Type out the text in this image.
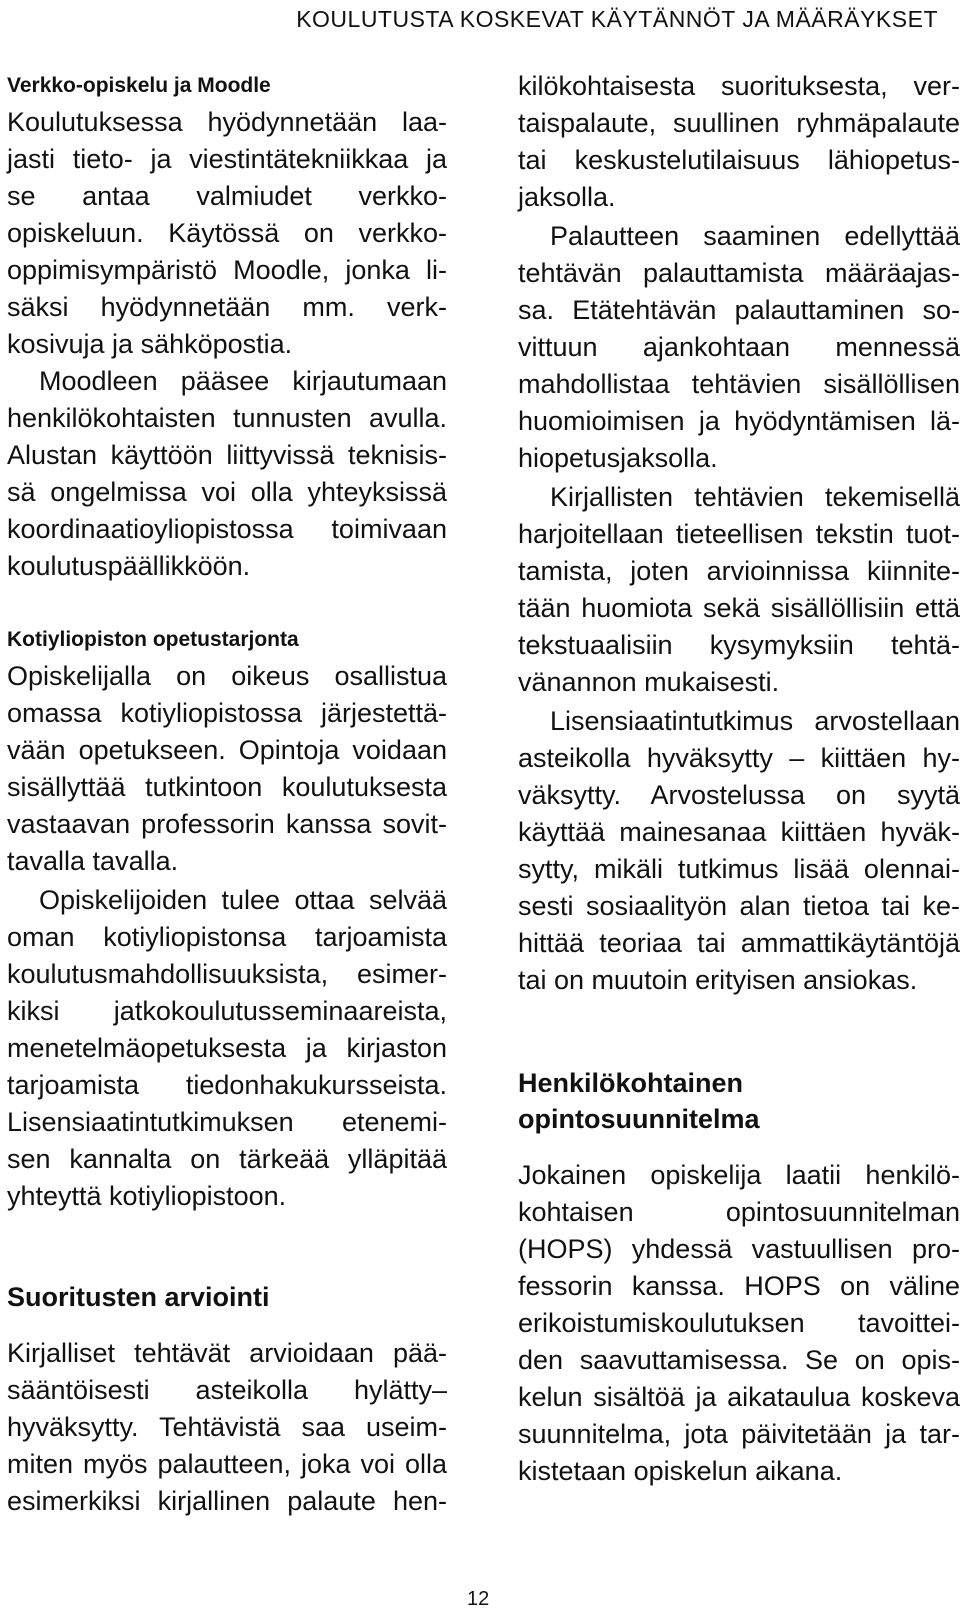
KOULUTUSTA KOSKEVAT KÄYTÄNNÖT JA MÄÄRÄYKSET
Verkko-opiskelu ja Moodle
Koulutuksessa hyödynnetään laa-
jasti tieto- ja viestintätekniikkaa ja
se antaa valmiudet verkko-
opiskeluun. Käytössä on verkko-
oppimisympäristö Moodle, jonka li-
säksi hyödynnetään mm. verk-
kosivuja ja sähköpostia.
Moodleen pääsee kirjautumaan
henkilökohtaisten tunnusten avulla.
Alustan käyttöön liittyvissä teknisis-
sä ongelmissa voi olla yhteyksissä
koordinaatioyliopistossa toimivaan
koulutuspäällikköön.
Kotiyliopiston opetustarjonta
Opiskelijalla on oikeus osallistua
omassa kotiyliopistossa järjestettä-
vään opetukseen. Opintoja voidaan
sisällyttää tutkintoon koulutuksesta
vastaavan professorin kanssa sovit-
tavalla tavalla.
Opiskelijoiden tulee ottaa selvää
oman kotiyliopistonsa tarjoamista
koulutusmahdollisuuksista, esimer-
kiksi jatkokoulutusseminaareista,
menetelmäopetuksesta ja kirjaston
tarjoamista tiedonhakukursseista.
Lisensiaatintutkimuksen etenemi-
sen kannalta on tärkeää ylläpitää
yhteyttä kotiyliopistoon.
Suoritusten arviointi
Kirjalliset tehtävät arvioidaan pää-
sääntöisesti asteikolla hylätty–
hyväksytty. Tehtävistä saa useim-
miten myös palautteen, joka voi olla
esimerkiksi kirjallinen palaute hen-
kilökohtaisesta suorituksesta, ver-
taispalaute, suullinen ryhmäpalaute
tai keskustelutilaisuus lähiopetus-
jaksolla.
Palautteen saaminen edellyttää
tehtävän palauttamista määräajas-
sa. Etätehtävän palauttaminen so-
vittuun ajankohtaan mennessä
mahdollistaa tehtävien sisällöllisen
huomioimisen ja hyödyntämisen lä-
hiopetusjaksolla.
Kirjallisten tehtävien tekemisellä
harjoitellaan tieteellisen tekstin tuot-
tamista, joten arvioinnissa kiinnite-
tään huomiota sekä sisällöllisiin että
tekstuaalisiin kysymyksiin tehtä-
vänannon mukaisesti.
Lisensiaatintutkimus arvostellaan
asteikolla hyväksytty – kiittäen hy-
väksytty. Arvostelussa on syytä
käyttää mainesanaa kiittäen hyväk-
sytty, mikäli tutkimus lisää olennai-
sesti sosiaalityön alan tietoa tai ke-
hittää teoriaa tai ammattikäytäntöjä
tai on muutoin erityisen ansiokas.
Henkilökohtainen
opintosuunnitelma
Jokainen opiskelija laatii henkilö-
kohtaisen opintosuunnitelman
(HOPS) yhdessä vastuullisen pro-
fessorin kanssa. HOPS on väline
erikoistumiskoulutuksen tavoittei-
den saavuttamisessa. Se on opis-
kelun sisältöä ja aikataulua koskeva
suunnitelma, jota päivitetään ja tar-
kistetaan opiskelun aikana.
12
